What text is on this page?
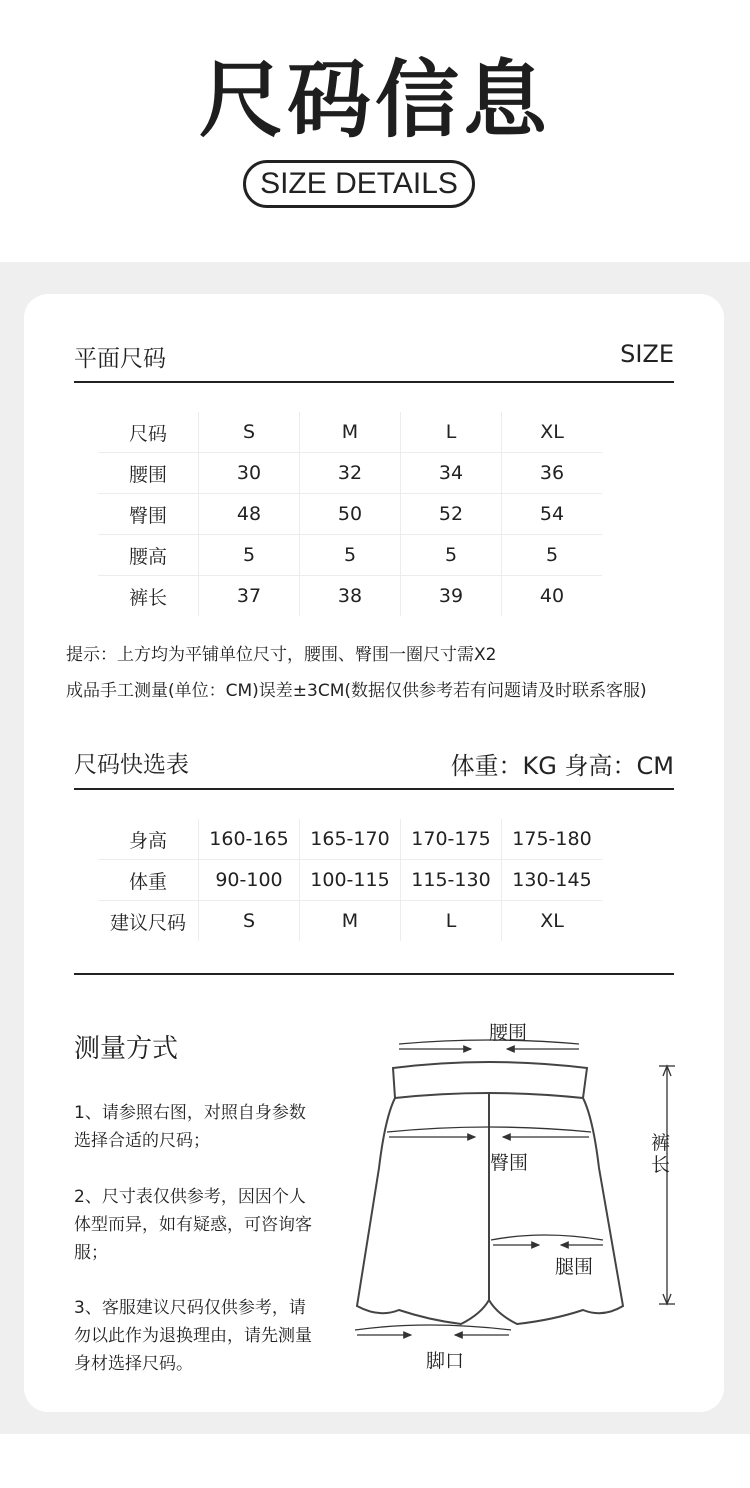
尺码信息
SIZE DETAILS
平面尺码	SIZE
尺码	S	M	L	XL
腰围	30	32	34	36
臀围	48	50	52	54
腰高	5	5	5	5
裤长	37	38	39	40
提示：上方均为平铺单位尺寸，腰围、臀围一圈尺寸需X2
成品手工测量(单位：CM)误差±3CM(数据仅供参考若有问题请及时联系客服)
尺码快选表	体重：KG 身高：CM
身高	160-165	165-170	170-175	175-180
体重	90-100	100-115	115-130	130-145
建议尺码	S	M	L	XL
测量方式
1、请参照右图，对照自身参数选择合适的尺码；
2、尺寸表仅供参考，因因个人体型而异，如有疑惑，可咨询客服；
3、客服建议尺码仅供参考，请勿以此作为退换理由，请先测量身材选择尺码。
腰围
臀围
腿围
脚口
裤
长
